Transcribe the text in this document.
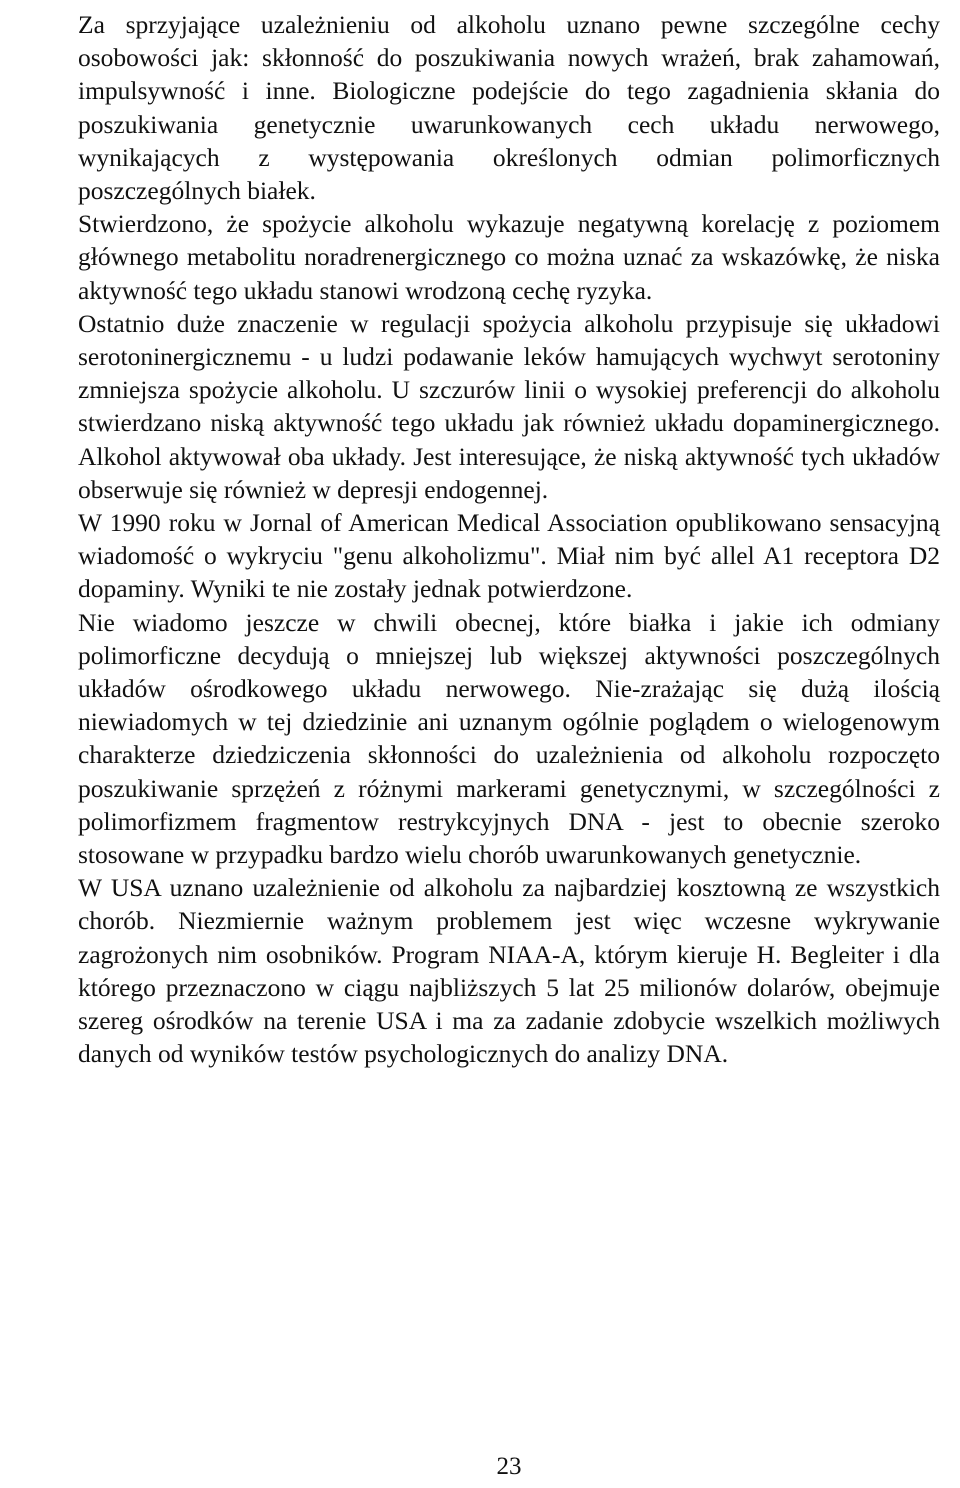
Za sprzyjające uzależnieniu od alkoholu uznano pewne szczególne cechy osobowości jak: skłonność do poszukiwania nowych wrażeń, brak zahamowań, impulsywność i inne. Biologiczne podejście do tego zagadnienia skłania do poszukiwania genetycznie uwarunkowanych cech układu nerwowego, wynikających z występowania określonych odmian polimorficznych poszczególnych białek.

Stwierdzono, że spożycie alkoholu wykazuje negatywną korelację z poziomem głównego metabolitu noradrenergicznego co można uznać za wskazówkę, że niska aktywność tego układu stanowi wrodzoną cechę ryzyka.

Ostatnio duże znaczenie w regulacji spożycia alkoholu przypisuje się układowi serotoninergicznemu - u ludzi podawanie leków hamujących wychwyt serotoniny zmniejsza spożycie alkoholu. U szczurów linii o wysokiej preferencji do alkoholu stwierdzano niską aktywność tego układu jak również układu dopaminergicznego. Alkohol aktywował oba układy. Jest interesujące, że niską aktywność tych układów obserwuje się również w depresji endogennej.

W 1990 roku w Jornal of American Medical Association opublikowano sensacyjną wiadomość o wykryciu "genu alkoholizmu". Miał nim być allel A1 receptora D2 dopaminy. Wyniki te nie zostały jednak potwierdzone.

Nie wiadomo jeszcze w chwili obecnej, które białka i jakie ich odmiany polimorficzne decydują o mniejszej lub większej aktywności poszczególnych układów ośrodkowego układu nerwowego. Nie-zrażając się dużą ilością niewiadomych w tej dziedzinie ani uznanym ogólnie poglądem o wielogenowym charakterze dziedziczenia skłonności do uzależnienia od alkoholu rozpoczęto poszukiwanie sprzężeń z różnymi markerami genetycznymi, w szczególności z polimorfizmem fragmentow restrykcyjnych DNA - jest to obecnie szeroko stosowane w przypadku bardzo wielu chorób uwarunkowanych genetycznie.

W USA uznano uzależnienie od alkoholu za najbardziej kosztowną ze wszystkich chorób. Niezmiernie ważnym problemem jest więc wczesne wykrywanie zagrożonych nim osobników. Program NIAA-A, którym kieruje H. Begleiter i dla którego przeznaczono w ciągu najbliższych 5 lat 25 milionów dolarów, obejmuje szereg ośrodków na terenie USA i ma za zadanie zdobycie wszelkich możliwych danych od wyników testów psychologicznych do analizy DNA.

23
